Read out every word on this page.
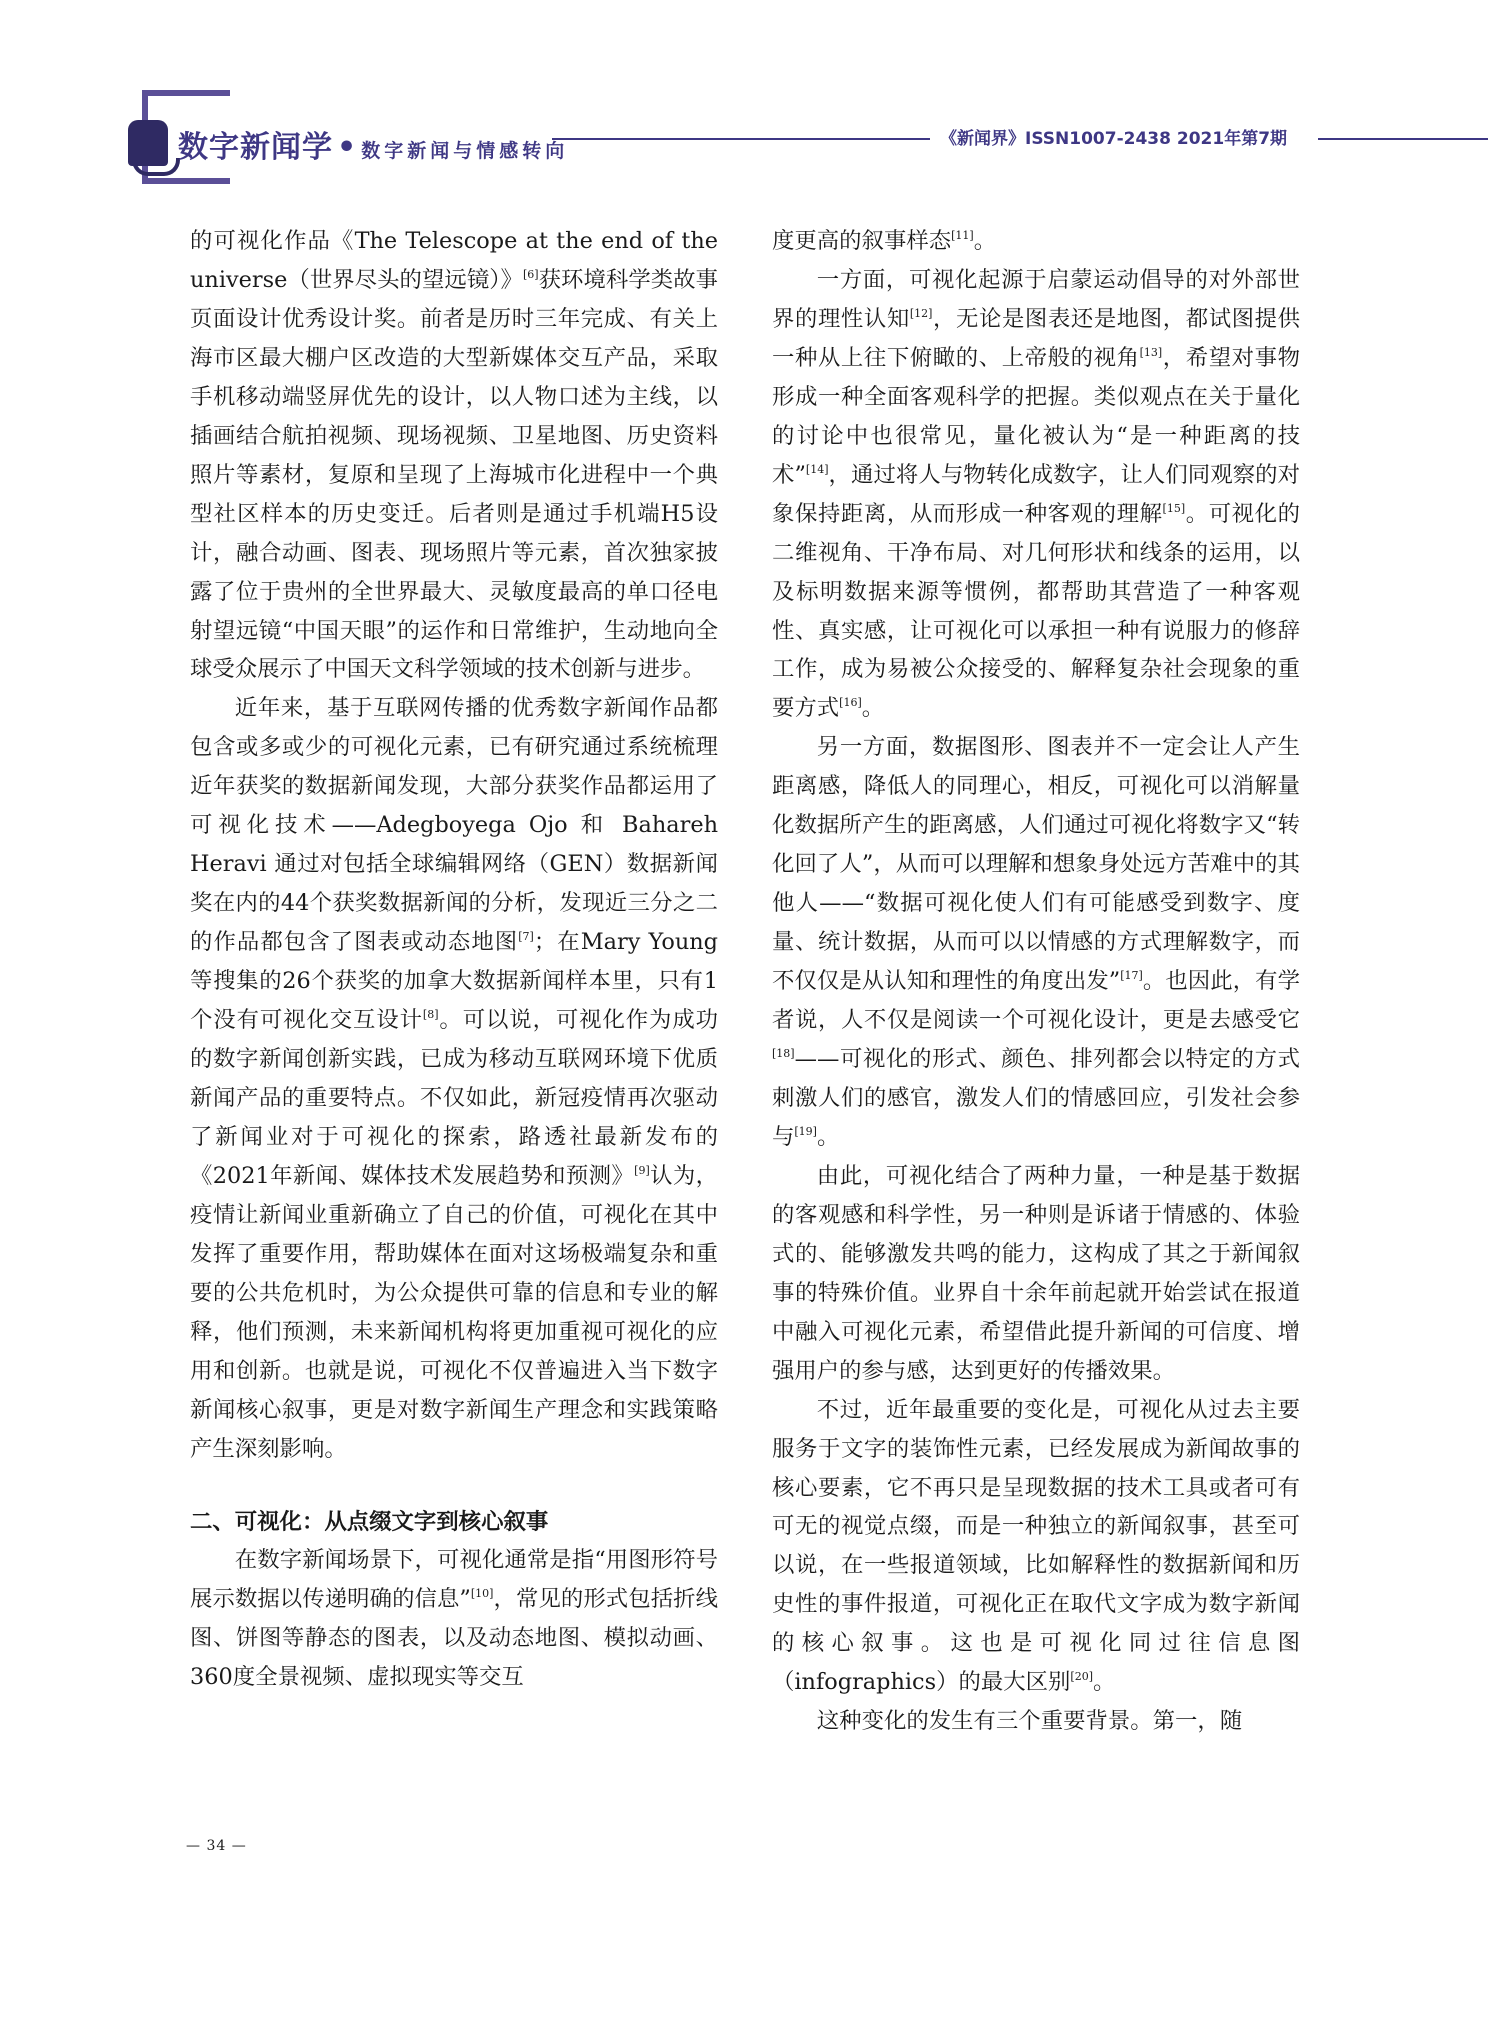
数字新闻学 • 数字新闻与情感转向
《新闻界》ISSN1007-2438 2021年第7期

的可视化作品《The Telescope at the end of the universe（世界尽头的望远镜）》[6]获环境科学类故事页面设计优秀设计奖。前者是历时三年完成、有关上海市区最大棚户区改造的大型新媒体交互产品，采取手机移动端竖屏优先的设计，以人物口述为主线，以插画结合航拍视频、现场视频、卫星地图、历史资料照片等素材，复原和呈现了上海城市化进程中一个典型社区样本的历史变迁。后者则是通过手机端H5设计，融合动画、图表、现场照片等元素，首次独家披露了位于贵州的全世界最大、灵敏度最高的单口径电射望远镜“中国天眼”的运作和日常维护，生动地向全球受众展示了中国天文科学领域的技术创新与进步。

近年来，基于互联网传播的优秀数字新闻作品都包含或多或少的可视化元素，已有研究通过系统梳理近年获奖的数据新闻发现，大部分获奖作品都运用了可视化技术——Adegboyega Ojo 和 Bahareh Heravi 通过对包括全球编辑网络（GEN）数据新闻奖在内的44个获奖数据新闻的分析，发现近三分之二的作品都包含了图表或动态地图[7]；在Mary Young等搜集的26个获奖的加拿大数据新闻样本里，只有1个没有可视化交互设计[8]。可以说，可视化作为成功的数字新闻创新实践，已成为移动互联网环境下优质新闻产品的重要特点。不仅如此，新冠疫情再次驱动了新闻业对于可视化的探索，路透社最新发布的《2021年新闻、媒体技术发展趋势和预测》[9]认为，疫情让新闻业重新确立了自己的价值，可视化在其中发挥了重要作用，帮助媒体在面对这场极端复杂和重要的公共危机时，为公众提供可靠的信息和专业的解释，他们预测，未来新闻机构将更加重视可视化的应用和创新。也就是说，可视化不仅普遍进入当下数字新闻核心叙事，更是对数字新闻生产理念和实践策略产生深刻影响。

二、可视化：从点缀文字到核心叙事

在数字新闻场景下，可视化通常是指“用图形符号展示数据以传递明确的信息”[10]，常见的形式包括折线图、饼图等静态的图表，以及动态地图、模拟动画、360度全景视频、虚拟现实等交互

度更高的叙事样态[11]。

一方面，可视化起源于启蒙运动倡导的对外部世界的理性认知[12]，无论是图表还是地图，都试图提供一种从上往下俯瞰的、上帝般的视角[13]，希望对事物形成一种全面客观科学的把握。类似观点在关于量化的讨论中也很常见，量化被认为“是一种距离的技术”[14]，通过将人与物转化成数字，让人们同观察的对象保持距离，从而形成一种客观的理解[15]。可视化的二维视角、干净布局、对几何形状和线条的运用，以及标明数据来源等惯例，都帮助其营造了一种客观性、真实感，让可视化可以承担一种有说服力的修辞工作，成为易被公众接受的、解释复杂社会现象的重要方式[16]。

另一方面，数据图形、图表并不一定会让人产生距离感，降低人的同理心，相反，可视化可以消解量化数据所产生的距离感，人们通过可视化将数字又“转化回了人”，从而可以理解和想象身处远方苦难中的其他人——“数据可视化使人们有可能感受到数字、度量、统计数据，从而可以以情感的方式理解数字，而不仅仅是从认知和理性的角度出发”[17]。也因此，有学者说，人不仅是阅读一个可视化设计，更是去感受它[18]——可视化的形式、颜色、排列都会以特定的方式刺激人们的感官，激发人们的情感回应，引发社会参与[19]。

由此，可视化结合了两种力量，一种是基于数据的客观感和科学性，另一种则是诉诸于情感的、体验式的、能够激发共鸣的能力，这构成了其之于新闻叙事的特殊价值。业界自十余年前起就开始尝试在报道中融入可视化元素，希望借此提升新闻的可信度、增强用户的参与感，达到更好的传播效果。

不过，近年最重要的变化是，可视化从过去主要服务于文字的装饰性元素，已经发展成为新闻故事的核心要素，它不再只是呈现数据的技术工具或者可有可无的视觉点缀，而是一种独立的新闻叙事，甚至可以说，在一些报道领域，比如解释性的数据新闻和历史性的事件报道，可视化正在取代文字成为数字新闻的核心叙事。这也是可视化同过往信息图（infographics）的最大区别[20]。

这种变化的发生有三个重要背景。第一，随

— 34 —
